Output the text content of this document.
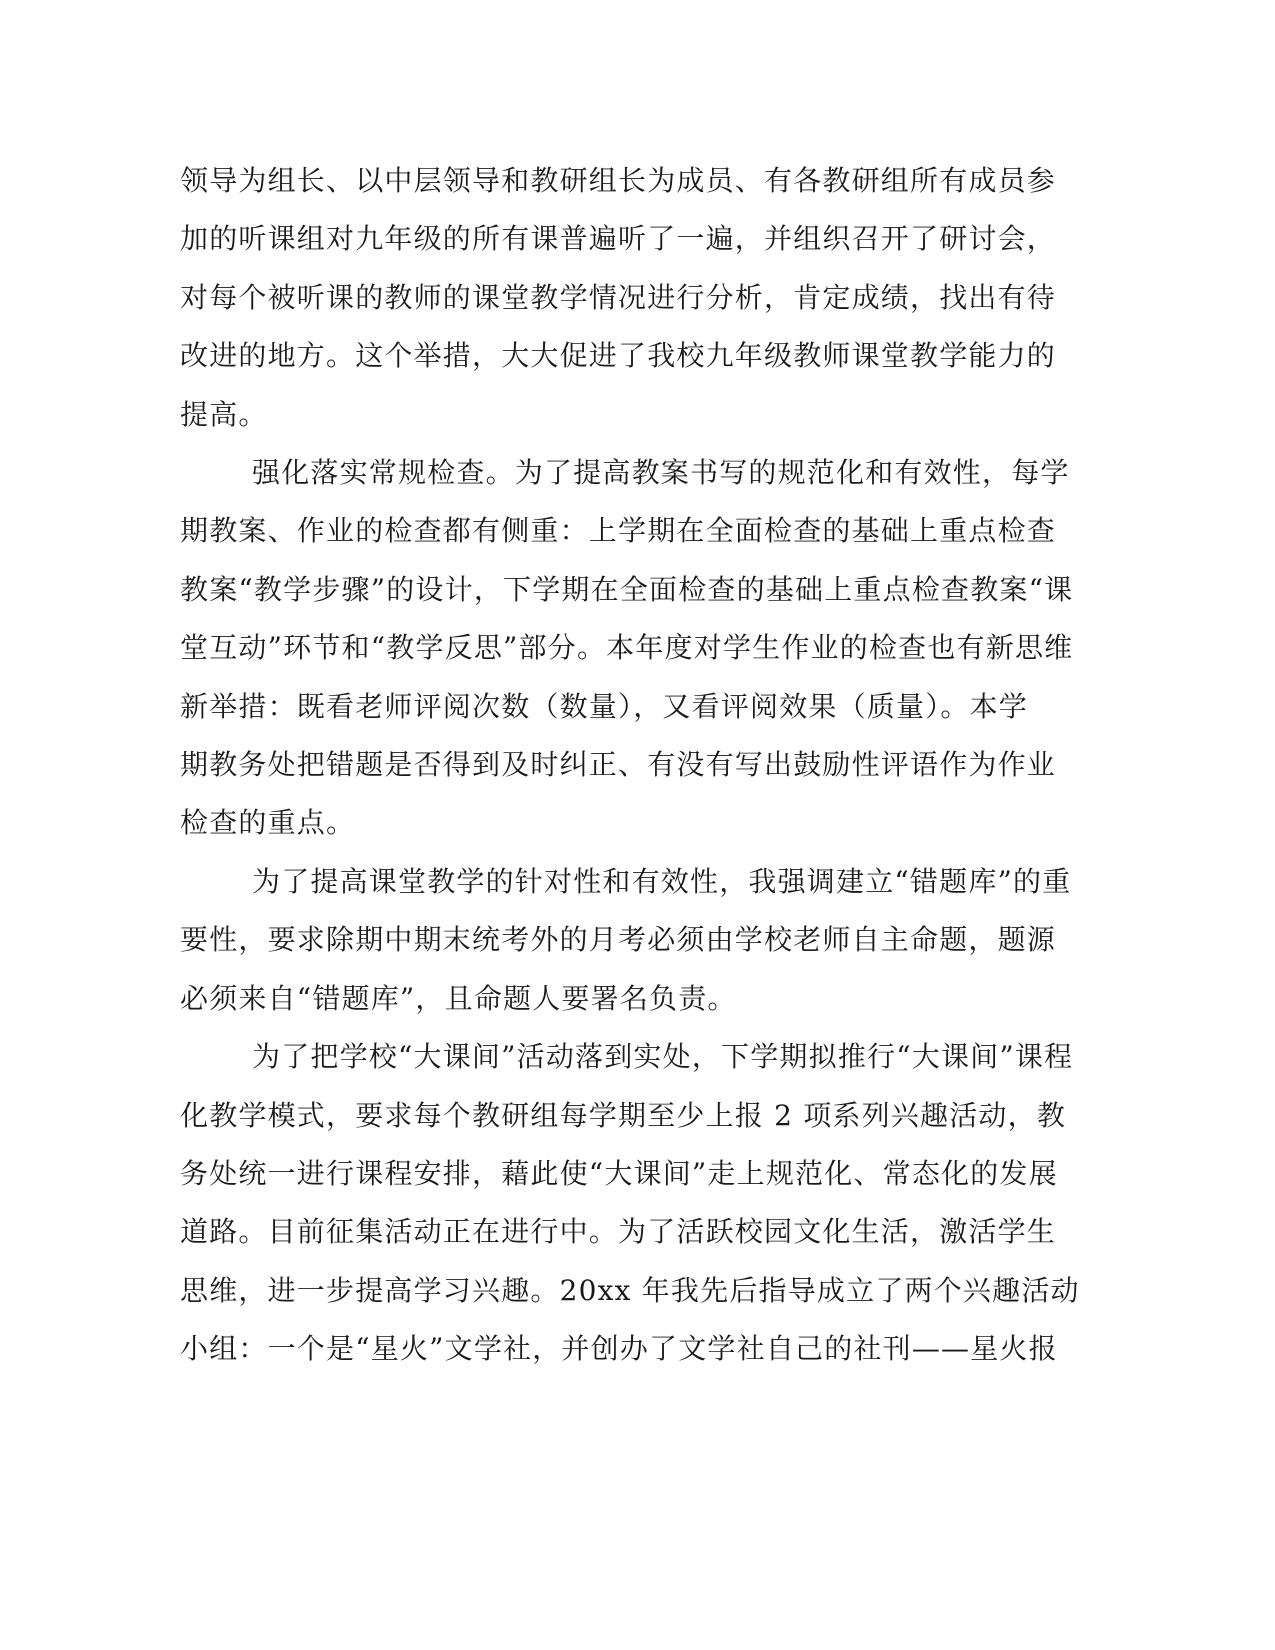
领导为组长、以中层领导和教研组长为成员、有各教研组所有成员参
加的听课组对九年级的所有课普遍听了一遍，并组织召开了研讨会，
对每个被听课的教师的课堂教学情况进行分析，肯定成绩，找出有待
改进的地方。这个举措，大大促进了我校九年级教师课堂教学能力的
提高。

强化落实常规检查。为了提高教案书写的规范化和有效性，每学
期教案、作业的检查都有侧重：上学期在全面检查的基础上重点检查
教案“教学步骤”的设计，下学期在全面检查的基础上重点检查教案“课
堂互动”环节和“教学反思”部分。本年度对学生作业的检查也有新思维
新举措：既看老师评阅次数（数量），又看评阅效果（质量）。本学
期教务处把错题是否得到及时纠正、有没有写出鼓励性评语作为作业
检查的重点。

为了提高课堂教学的针对性和有效性，我强调建立“错题库”的重
要性，要求除期中期末统考外的月考必须由学校老师自主命题，题源
必须来自“错题库”，且命题人要署名负责。

为了把学校“大课间”活动落到实处，下学期拟推行“大课间”课程
化教学模式，要求每个教研组每学期至少上报 2 项系列兴趣活动，教
务处统一进行课程安排，藉此使“大课间”走上规范化、常态化的发展
道路。目前征集活动正在进行中。为了活跃校园文化生活，激活学生
思维，进一步提高学习兴趣。20xx 年我先后指导成立了两个兴趣活动
小组：一个是“星火”文学社，并创办了文学社自己的社刊——星火报
